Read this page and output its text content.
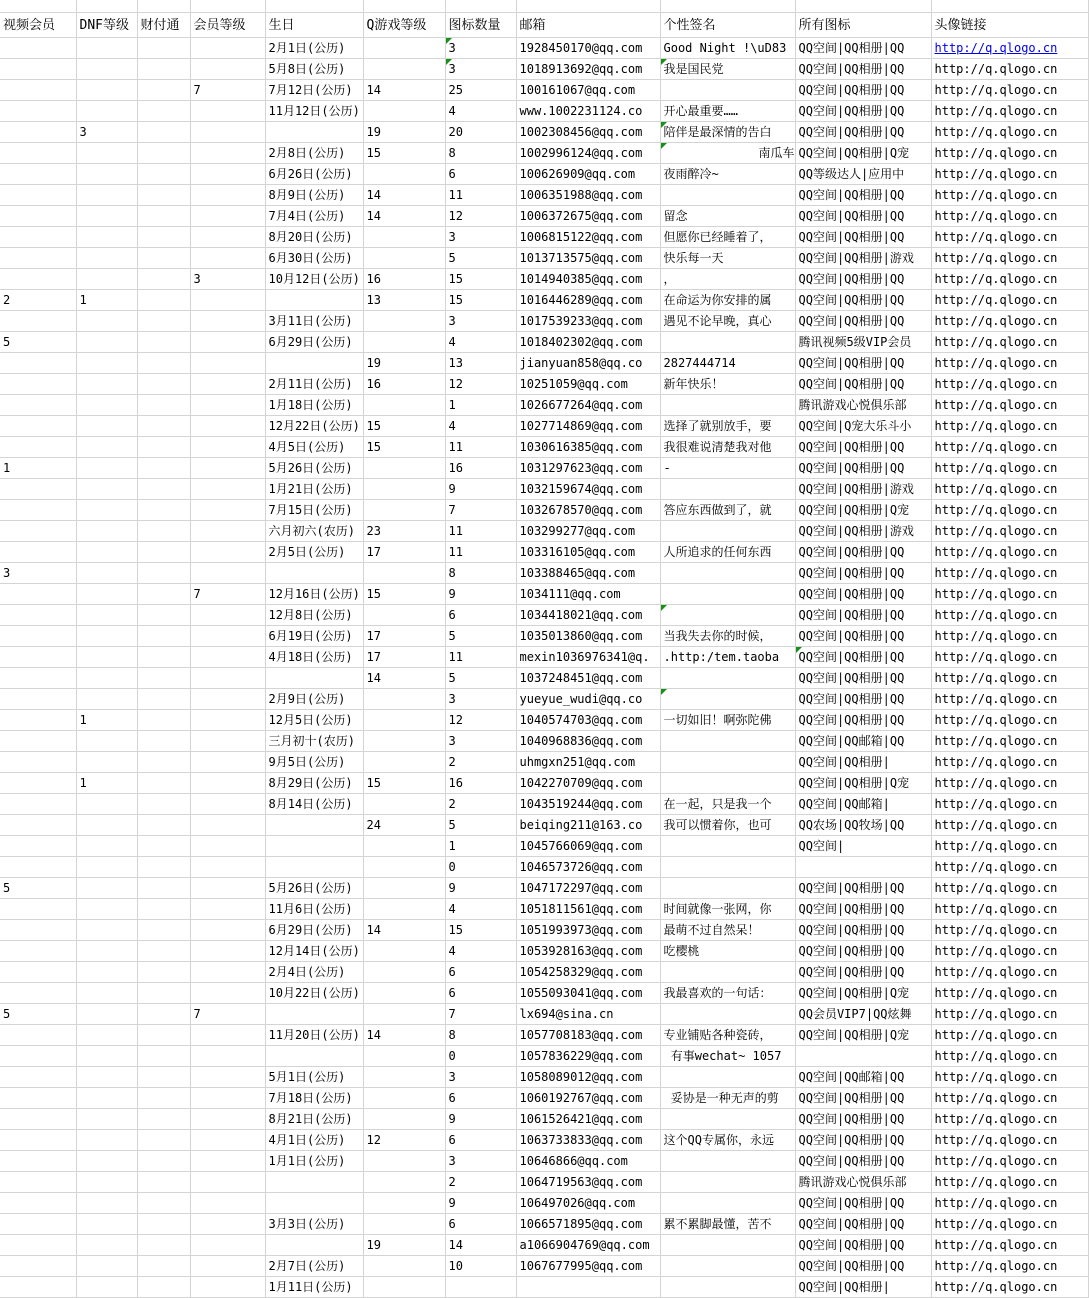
视频会员	DNF等级	财付通	会员等级	生日	Q游戏等级	图标数量	邮箱	个性签名	所有图标	头像链接
				2月1日(公历)		3	1928450170@qq.com	Good Night !\uD83	QQ空间|QQ相册|QQ	http://q.qlogo.cn
				5月8日(公历)		3	1018913692@qq.com	我是国民党	QQ空间|QQ相册|QQ	http://q.qlogo.cn
			7	7月12日(公历)	14	25	100161067@qq.com		QQ空间|QQ相册|QQ	http://q.qlogo.cn
				11月12日(公历)		4	www.1002231124.co	开心最重要……	QQ空间|QQ相册|QQ	http://q.qlogo.cn
	3				19	20	1002308456@qq.com	陪伴是最深情的告白	QQ空间|QQ相册|QQ	http://q.qlogo.cn
				2月8日(公历)	15	8	1002996124@qq.com	南瓜车	QQ空间|QQ相册|Q宠	http://q.qlogo.cn
				6月26日(公历)		6	100626909@qq.com	夜雨醉冷~	QQ等级达人|应用中	http://q.qlogo.cn
				8月9日(公历)	14	11	1006351988@qq.com		QQ空间|QQ相册|QQ	http://q.qlogo.cn
				7月4日(公历)	14	12	1006372675@qq.com	留念	QQ空间|QQ相册|QQ	http://q.qlogo.cn
				8月20日(公历)		3	1006815122@qq.com	但愿你已经睡着了，	QQ空间|QQ相册|QQ	http://q.qlogo.cn
				6月30日(公历)		5	1013713575@qq.com	快乐每一天	QQ空间|QQ相册|游戏	http://q.qlogo.cn
			3	10月12日(公历)	16	15	1014940385@qq.com	，	QQ空间|QQ相册|QQ	http://q.qlogo.cn
2	1				13	15	1016446289@qq.com	在命运为你安排的属	QQ空间|QQ相册|QQ	http://q.qlogo.cn
				3月11日(公历)		3	1017539233@qq.com	遇见不论早晚，真心	QQ空间|QQ相册|QQ	http://q.qlogo.cn
5				6月29日(公历)		4	1018402302@qq.com		腾讯视频5级VIP会员	http://q.qlogo.cn
					19	13	jianyuan858@qq.co	2827444714	QQ空间|QQ相册|QQ	http://q.qlogo.cn
				2月11日(公历)	16	12	10251059@qq.com	新年快乐！	QQ空间|QQ相册|QQ	http://q.qlogo.cn
				1月18日(公历)		1	1026677264@qq.com		腾讯游戏心悦俱乐部	http://q.qlogo.cn
				12月22日(公历)	15	4	1027714869@qq.com	选择了就别放手，要	QQ空间|Q宠大乐斗小	http://q.qlogo.cn
				4月5日(公历)	15	11	1030616385@qq.com	我很难说清楚我对他	QQ空间|QQ相册|QQ	http://q.qlogo.cn
1				5月26日(公历)		16	1031297623@qq.com	-	QQ空间|QQ相册|QQ	http://q.qlogo.cn
				1月21日(公历)		9	1032159674@qq.com		QQ空间|QQ相册|游戏	http://q.qlogo.cn
				7月15日(公历)		7	1032678570@qq.com	答应东西做到了，就	QQ空间|QQ相册|Q宠	http://q.qlogo.cn
				六月初六(农历)	23	11	103299277@qq.com		QQ空间|QQ相册|游戏	http://q.qlogo.cn
				2月5日(公历)	17	11	103316105@qq.com	人所追求的任何东西	QQ空间|QQ相册|QQ	http://q.qlogo.cn
3						8	103388465@qq.com		QQ空间|QQ相册|QQ	http://q.qlogo.cn
			7	12月16日(公历)	15	9	1034111@qq.com		QQ空间|QQ相册|QQ	http://q.qlogo.cn
				12月8日(公历)		6	1034418021@qq.com		QQ空间|QQ相册|QQ	http://q.qlogo.cn
				6月19日(公历)	17	5	1035013860@qq.com	当我失去你的时候，	QQ空间|QQ相册|QQ	http://q.qlogo.cn
				4月18日(公历)	17	11	mexin1036976341@q.	.http:/tem.taoba	QQ空间|QQ相册|QQ	http://q.qlogo.cn
					14	5	1037248451@qq.com		QQ空间|QQ相册|QQ	http://q.qlogo.cn
				2月9日(公历)		3	yueyue_wudi@qq.co		QQ空间|QQ相册|QQ	http://q.qlogo.cn
	1			12月5日(公历)		12	1040574703@qq.com	一切如旧！啊弥陀佛	QQ空间|QQ相册|QQ	http://q.qlogo.cn
				三月初十(农历)		3	1040968836@qq.com		QQ空间|QQ邮箱|QQ	http://q.qlogo.cn
				9月5日(公历)		2	uhmgxn251@qq.com		QQ空间|QQ相册|	http://q.qlogo.cn
	1			8月29日(公历)	15	16	1042270709@qq.com		QQ空间|QQ相册|Q宠	http://q.qlogo.cn
				8月14日(公历)		2	1043519244@qq.com	在一起，只是我一个	QQ空间|QQ邮箱|	http://q.qlogo.cn
					24	5	beiqing211@163.co	我可以惯着你，也可	QQ农场|QQ牧场|QQ	http://q.qlogo.cn
						1	1045766069@qq.com		QQ空间|	http://q.qlogo.cn
						0	1046573726@qq.com			http://q.qlogo.cn
5				5月26日(公历)		9	1047172297@qq.com		QQ空间|QQ相册|QQ	http://q.qlogo.cn
				11月6日(公历)		4	1051811561@qq.com	时间就像一张网，你	QQ空间|QQ相册|QQ	http://q.qlogo.cn
				6月29日(公历)	14	15	1051993973@qq.com	最萌不过自然呆！	QQ空间|QQ相册|QQ	http://q.qlogo.cn
				12月14日(公历)		4	1053928163@qq.com	吃樱桃	QQ空间|QQ相册|QQ	http://q.qlogo.cn
				2月4日(公历)		6	1054258329@qq.com		QQ空间|QQ相册|QQ	http://q.qlogo.cn
				10月22日(公历)		6	1055093041@qq.com	我最喜欢的一句话：	QQ空间|QQ相册|Q宠	http://q.qlogo.cn
5			7			7	lx694@sina.cn		QQ会员VIP7|QQ炫舞	http://q.qlogo.cn
				11月20日(公历)	14	8	1057708183@qq.com	专业铺贴各种瓷砖，	QQ空间|QQ相册|Q宠	http://q.qlogo.cn
						0	1057836229@qq.com	有事wechat~ 1057		http://q.qlogo.cn
				5月1日(公历)		3	1058089012@qq.com		QQ空间|QQ邮箱|QQ	http://q.qlogo.cn
				7月18日(公历)		6	1060192767@qq.com	妥协是一种无声的剪	QQ空间|QQ相册|QQ	http://q.qlogo.cn
				8月21日(公历)		9	1061526421@qq.com		QQ空间|QQ相册|QQ	http://q.qlogo.cn
				4月1日(公历)	12	6	1063733833@qq.com	这个QQ专属你，永远	QQ空间|QQ相册|QQ	http://q.qlogo.cn
				1月1日(公历)		3	10646866@qq.com		QQ空间|QQ相册|QQ	http://q.qlogo.cn
						2	1064719563@qq.com		腾讯游戏心悦俱乐部	http://q.qlogo.cn
						9	106497026@qq.com		QQ空间|QQ相册|QQ	http://q.qlogo.cn
				3月3日(公历)		6	1066571895@qq.com	累不累脚最懂，苦不	QQ空间|QQ相册|QQ	http://q.qlogo.cn
					19	14	a1066904769@qq.com		QQ空间|QQ相册|QQ	http://q.qlogo.cn
				2月7日(公历)		10	1067677995@qq.com		QQ空间|QQ相册|QQ	http://q.qlogo.cn
				1月11日(公历)					QQ空间|QQ相册|	http://q.qlogo.cn
